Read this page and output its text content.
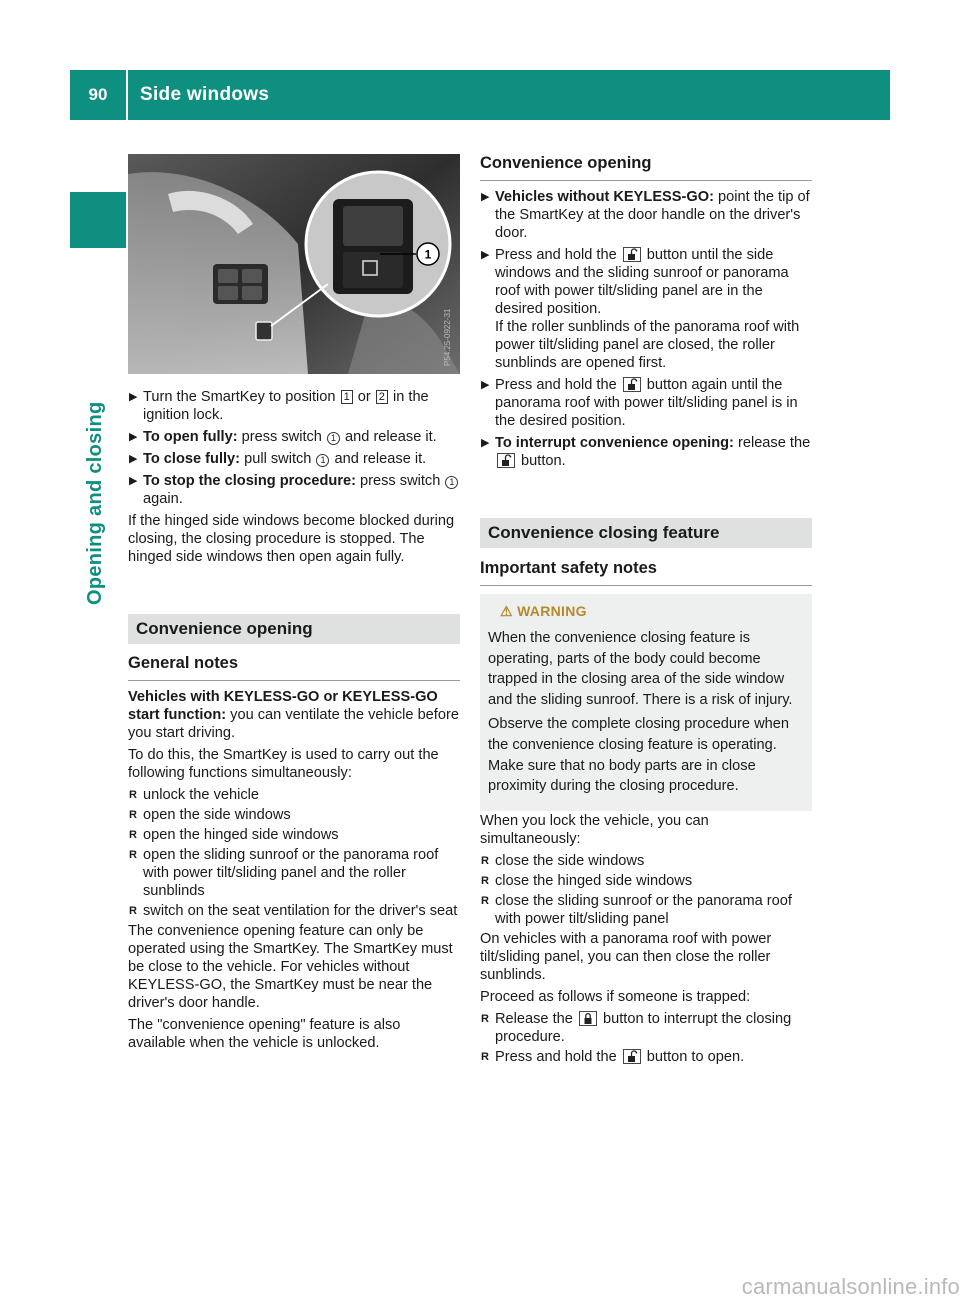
90	Side windows
Opening and closing
1
P54.25-0922-31
▶ Turn the SmartKey to position 1 or 2 in the ignition lock.
▶ To open fully: press switch 1 and release it.
▶ To close fully: pull switch 1 and release it.
▶ To stop the closing procedure: press switch 1 again.
If the hinged side windows become blocked during closing, the closing procedure is stopped. The hinged side windows then open again fully.
Convenience opening
General notes
Vehicles with KEYLESS-GO or KEYLESS-GO start function: you can ventilate the vehicle before you start driving.
To do this, the SmartKey is used to carry out the following functions simultaneously:
R unlock the vehicle
R open the side windows
R open the hinged side windows
R open the sliding sunroof or the panorama roof with power tilt/sliding panel and the roller sunblinds
R switch on the seat ventilation for the driver's seat
The convenience opening feature can only be operated using the SmartKey. The SmartKey must be close to the vehicle. For vehicles without KEYLESS-GO, the SmartKey must be near the driver's door handle.
The "convenience opening" feature is also available when the vehicle is unlocked.
Convenience opening
▶ Vehicles without KEYLESS-GO: point the tip of the SmartKey at the door handle on the driver's door.
▶ Press and hold the  button until the side windows and the sliding sunroof or panorama roof with power tilt/sliding panel are in the desired position.
If the roller sunblinds of the panorama roof with power tilt/sliding panel are closed, the roller sunblinds are opened first.
▶ Press and hold the  button again until the panorama roof with power tilt/sliding panel is in the desired position.
▶ To interrupt convenience opening: release the  button.
Convenience closing feature
Important safety notes
⚠ WARNING

When the convenience closing feature is operating, parts of the body could become trapped in the closing area of the side window and the sliding sunroof. There is a risk of injury.

Observe the complete closing procedure when the convenience closing feature is operating. Make sure that no body parts are in close proximity during the closing procedure.

When you lock the vehicle, you can simultaneously:
R close the side windows
R close the hinged side windows
R close the sliding sunroof or the panorama roof with power tilt/sliding panel
On vehicles with a panorama roof with power tilt/sliding panel, you can then close the roller sunblinds.
Proceed as follows if someone is trapped:
R Release the  button to interrupt the closing procedure.
R Press and hold the  button to open.
carmanualsonline.info
